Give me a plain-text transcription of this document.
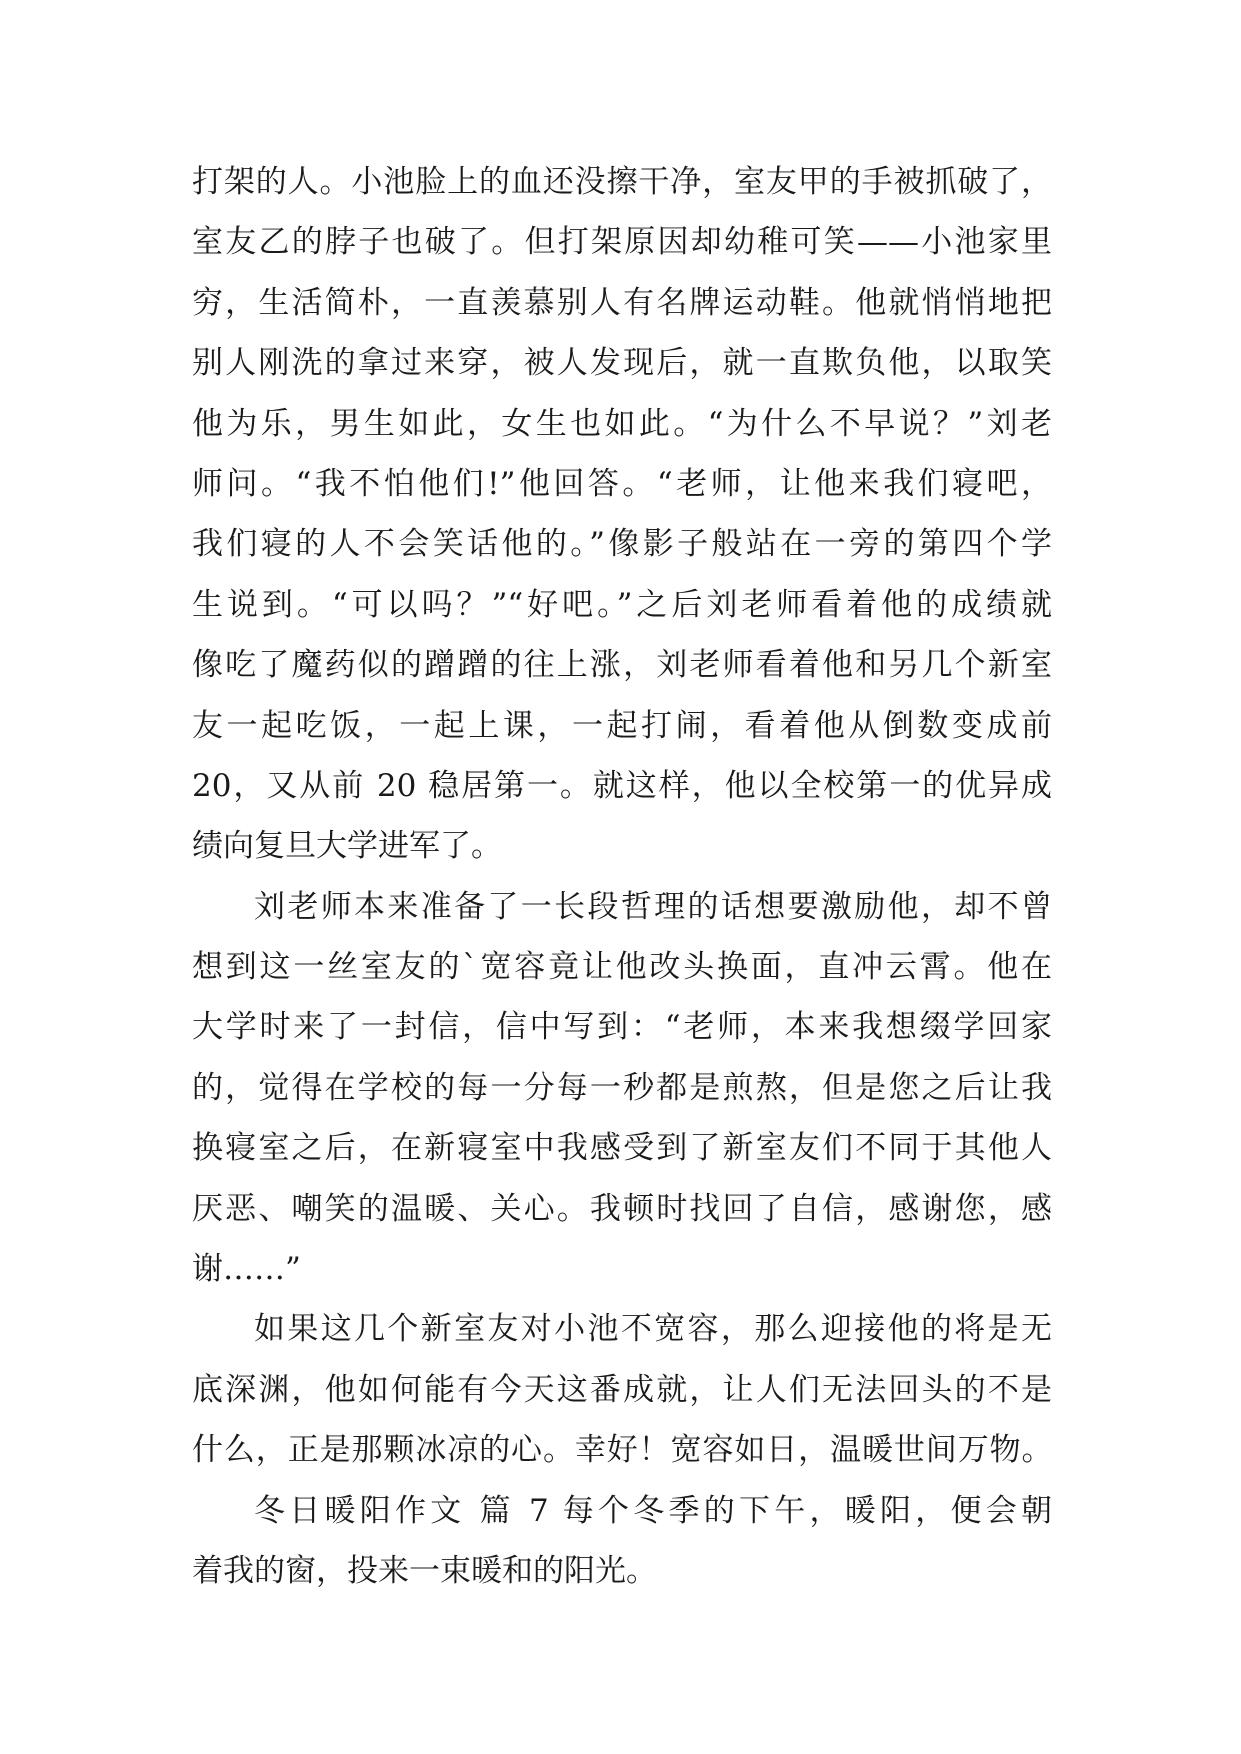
打架的人。小池脸上的血还没擦干净，室友甲的手被抓破了，
室友乙的脖子也破了。但打架原因却幼稚可笑——小池家里
穷，生活简朴，一直羡慕别人有名牌运动鞋。他就悄悄地把
别人刚洗的拿过来穿，被人发现后，就一直欺负他，以取笑
他为乐，男生如此，女生也如此。“为什么不早说？”刘老
师问。“我不怕他们!”他回答。“老师，让他来我们寝吧，
我们寝的人不会笑话他的。”像影子般站在一旁的第四个学
生说到。“可以吗？”“好吧。”之后刘老师看着他的成绩就
像吃了魔药似的蹭蹭的往上涨，刘老师看着他和另几个新室
友一起吃饭，一起上课，一起打闹，看着他从倒数变成前
20，又从前 20 稳居第一。就这样，他以全校第一的优异成
绩向复旦大学进军了。
刘老师本来准备了一长段哲理的话想要激励他，却不曾
想到这一丝室友的`宽容竟让他改头换面，直冲云霄。他在
大学时来了一封信，信中写到：“老师，本来我想缀学回家
的，觉得在学校的每一分每一秒都是煎熬，但是您之后让我
换寝室之后，在新寝室中我感受到了新室友们不同于其他人
厌恶、嘲笑的温暖、关心。我顿时找回了自信，感谢您，感
谢……”
如果这几个新室友对小池不宽容，那么迎接他的将是无
底深渊，他如何能有今天这番成就，让人们无法回头的不是
什么，正是那颗冰凉的心。幸好！宽容如日，温暖世间万物。
冬日暖阳作文 篇 7 每个冬季的下午，暖阳，便会朝
着我的窗，投来一束暖和的阳光。
